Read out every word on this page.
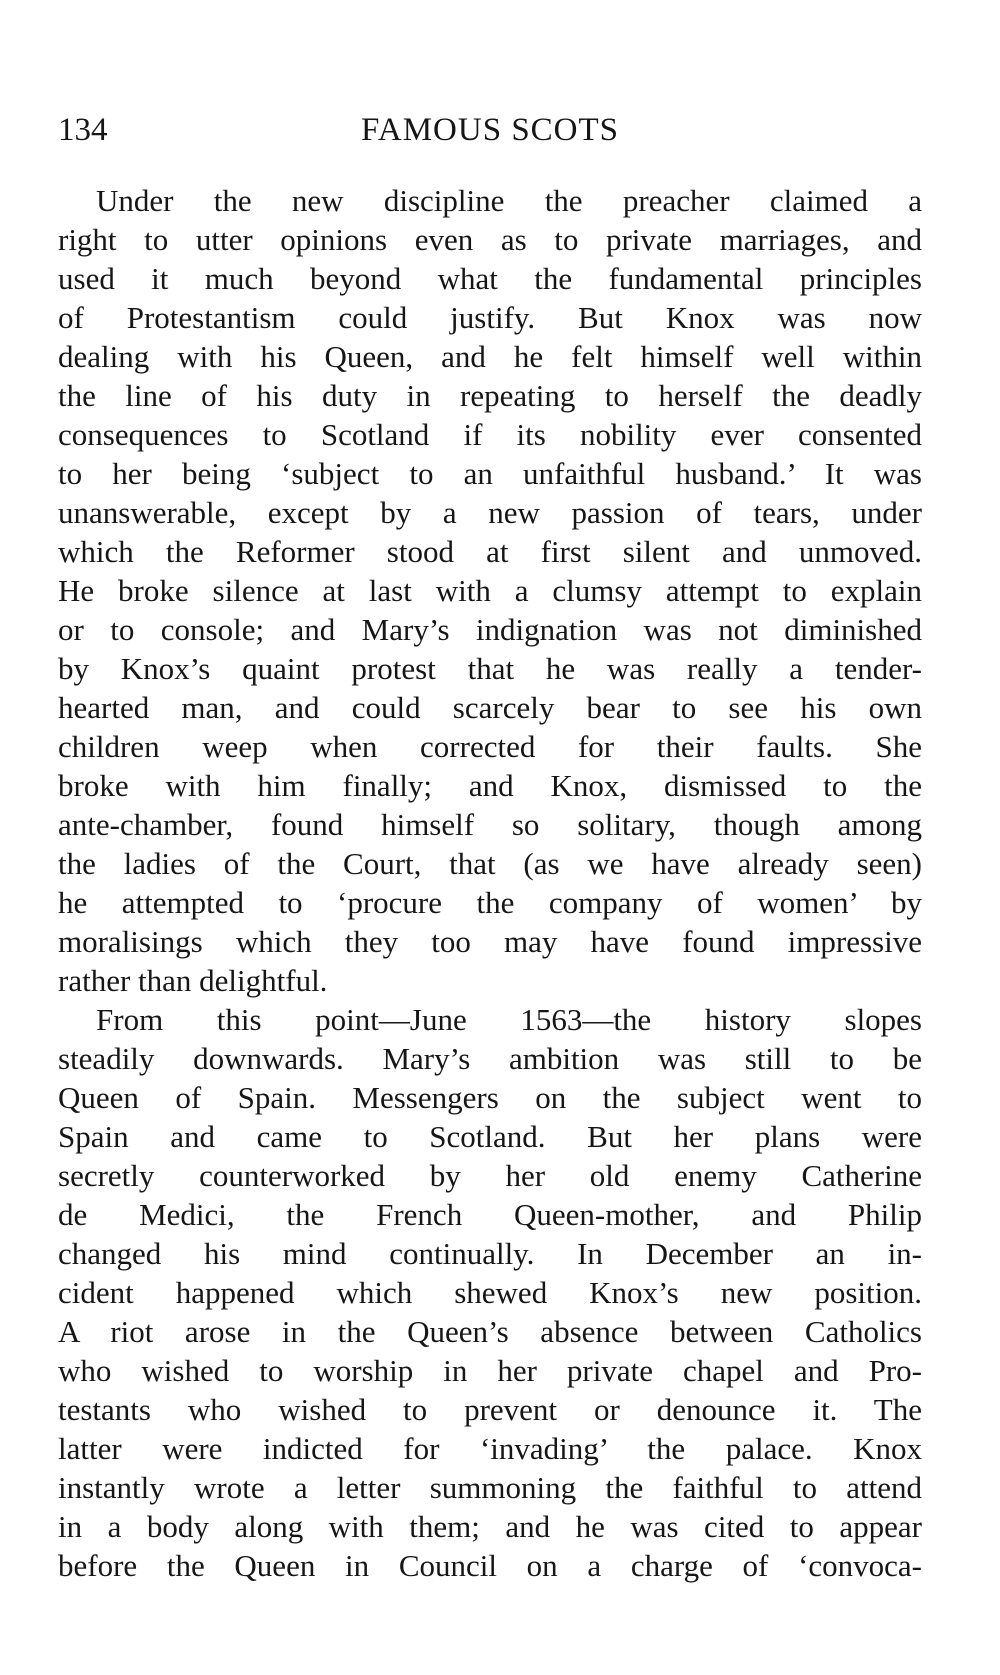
134	FAMOUS SCOTS
Under the new discipline the preacher claimed a
right to utter opinions even as to private marriages, and
used it much beyond what the fundamental principles
of Protestantism could justify. But Knox was now
dealing with his Queen, and he felt himself well within
the line of his duty in repeating to herself the deadly
consequences to Scotland if its nobility ever consented
to her being ‘subject to an unfaithful husband.’ It was
unanswerable, except by a new passion of tears, under
which the Reformer stood at first silent and unmoved.
He broke silence at last with a clumsy attempt to explain
or to console; and Mary’s indignation was not diminished
by Knox’s quaint protest that he was really a tender-
hearted man, and could scarcely bear to see his own
children weep when corrected for their faults. She
broke with him finally; and Knox, dismissed to the
ante-chamber, found himself so solitary, though among
the ladies of the Court, that (as we have already seen)
he attempted to ‘procure the company of women’ by
moralisings which they too may have found impressive
rather than delightful.
From this point—June 1563—the history slopes
steadily downwards. Mary’s ambition was still to be
Queen of Spain. Messengers on the subject went to
Spain and came to Scotland. But her plans were
secretly counterworked by her old enemy Catherine
de Medici, the French Queen-mother, and Philip
changed his mind continually. In December an in-
cident happened which shewed Knox’s new position.
A riot arose in the Queen’s absence between Catholics
who wished to worship in her private chapel and Pro-
testants who wished to prevent or denounce it. The
latter were indicted for ‘invading’ the palace. Knox
instantly wrote a letter summoning the faithful to attend
in a body along with them; and he was cited to appear
before the Queen in Council on a charge of ‘convoca-
